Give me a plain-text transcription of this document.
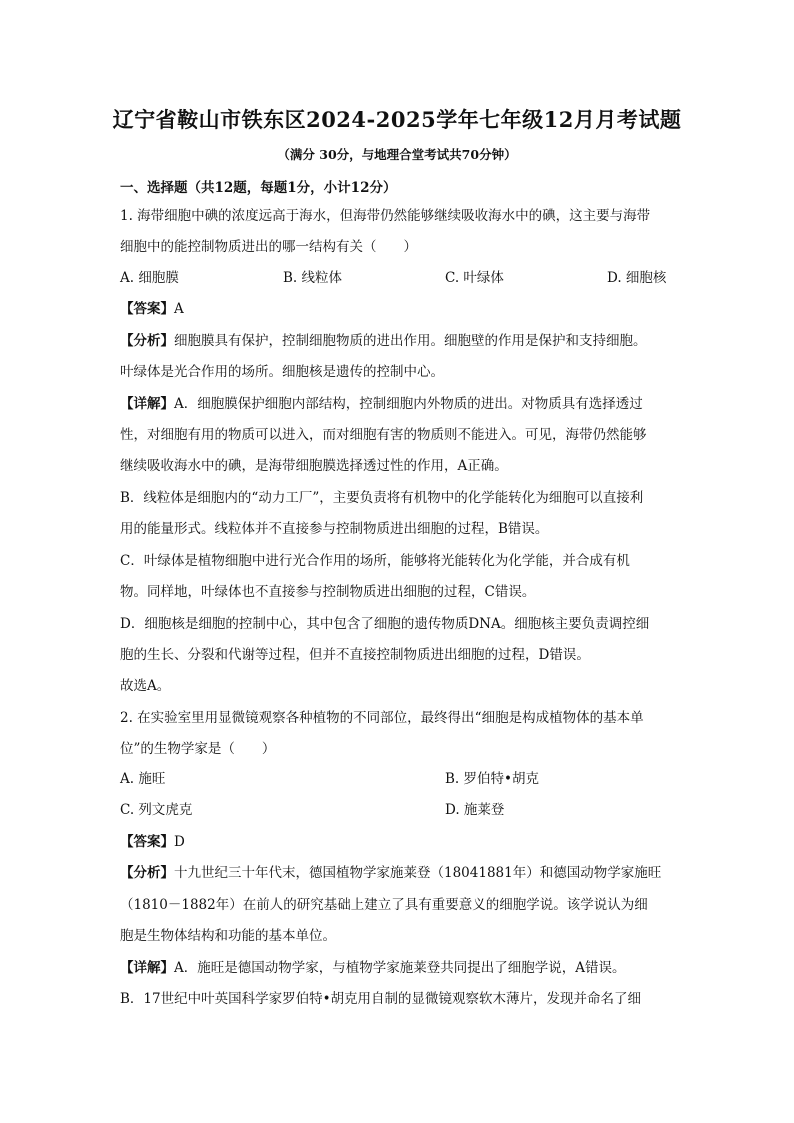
辽宁省鞍山市铁东区2024-2025学年七年级12月月考试题
（满分 30分，与地理合堂考试共70分钟）
一、选择题（共12题，每题1分，小计12分）
1. 海带细胞中碘的浓度远高于海水，但海带仍然能够继续吸收海水中的碘，这主要与海带
细胞中的能控制物质进出的哪一结构有关（　　）
A. 细胞膜	B. 线粒体	C. 叶绿体	D. 细胞核
【答案】A
【分析】细胞膜具有保护，控制细胞物质的进出作用。细胞壁的作用是保护和支持细胞。
叶绿体是光合作用的场所。细胞核是遗传的控制中心。
【详解】A．细胞膜保护细胞内部结构，控制细胞内外物质的进出。对物质具有选择透过
性，对细胞有用的物质可以进入，而对细胞有害的物质则不能进入。可见，海带仍然能够
继续吸收海水中的碘，是海带细胞膜选择透过性的作用，A正确。
B．线粒体是细胞内的“动力工厂”，主要负责将有机物中的化学能转化为细胞可以直接利
用的能量形式。线粒体并不直接参与控制物质进出细胞的过程，B错误。
C．叶绿体是植物细胞中进行光合作用的场所，能够将光能转化为化学能，并合成有机
物。同样地，叶绿体也不直接参与控制物质进出细胞的过程，C错误。
D．细胞核是细胞的控制中心，其中包含了细胞的遗传物质DNA。细胞核主要负责调控细
胞的生长、分裂和代谢等过程，但并不直接控制物质进出细胞的过程，D错误。
故选A。
2. 在实验室里用显微镜观察各种植物的不同部位，最终得出“细胞是构成植物体的基本单
位”的生物学家是（　　）
A. 施旺	B. 罗伯特•胡克
C. 列文虎克	D. 施莱登
【答案】D
【分析】十九世纪三十年代末，德国植物学家施莱登（18041881年）和德国动物学家施旺
（1810－1882年）在前人的研究基础上建立了具有重要意义的细胞学说。该学说认为细
胞是生物体结构和功能的基本单位。
【详解】A．施旺是德国动物学家，与植物学家施莱登共同提出了细胞学说，A错误。
B．17世纪中叶英国科学家罗伯特•胡克用自制的显微镜观察软木薄片，发现并命名了细
